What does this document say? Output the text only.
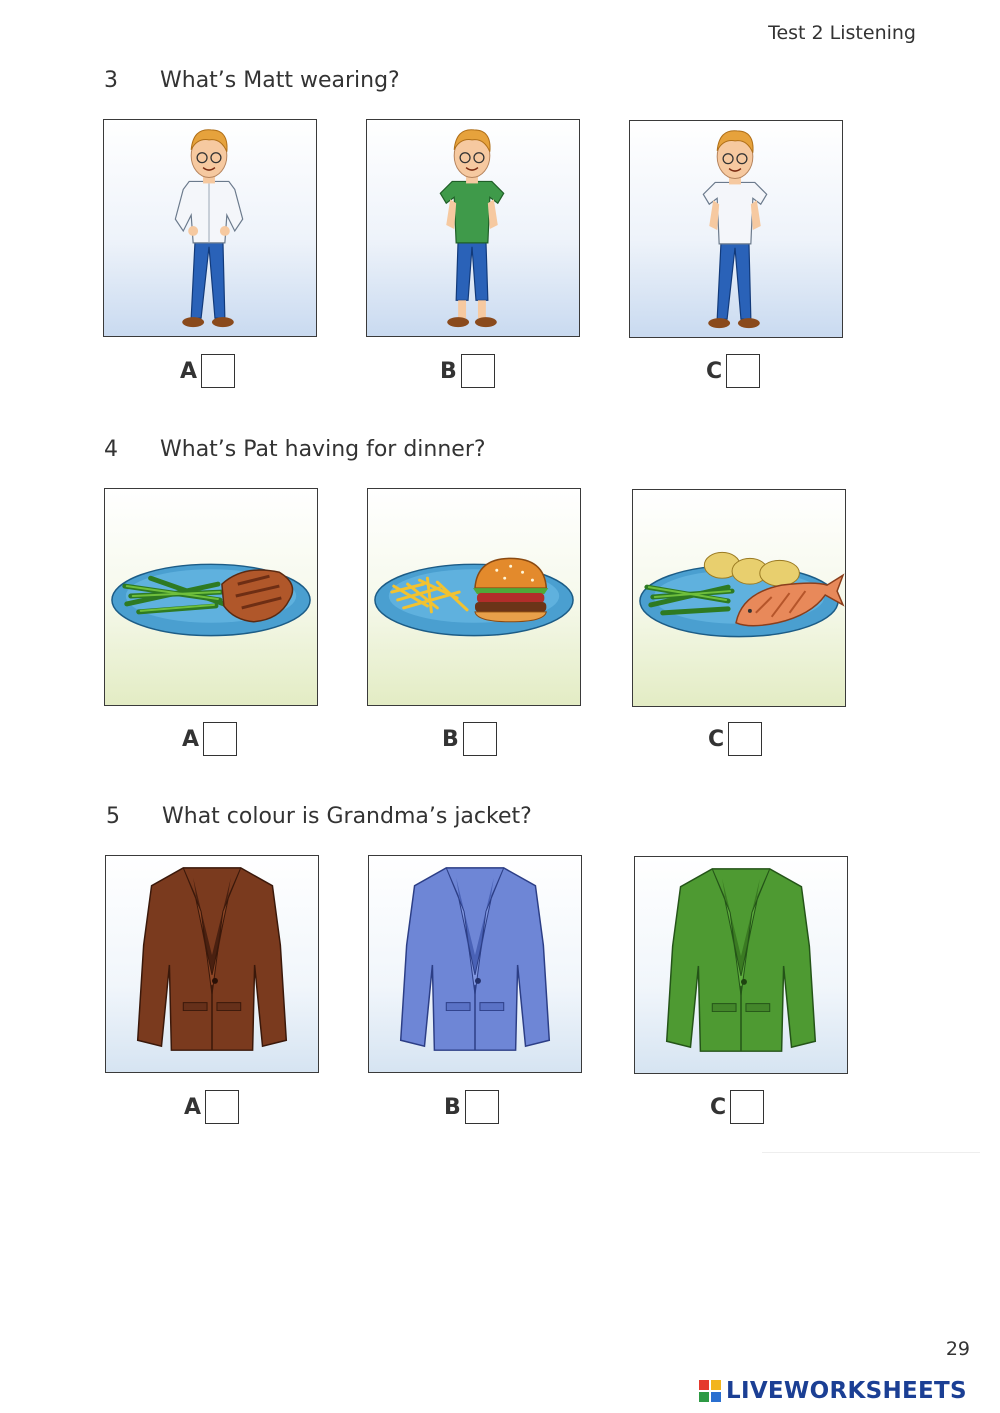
Test 2 Listening
3 What’s Matt wearing?
A	B	C
4 What’s Pat having for dinner?
A	B	C
5 What colour is Grandma’s jacket?
A	B	C
29
LIVEWORKSHEETS
